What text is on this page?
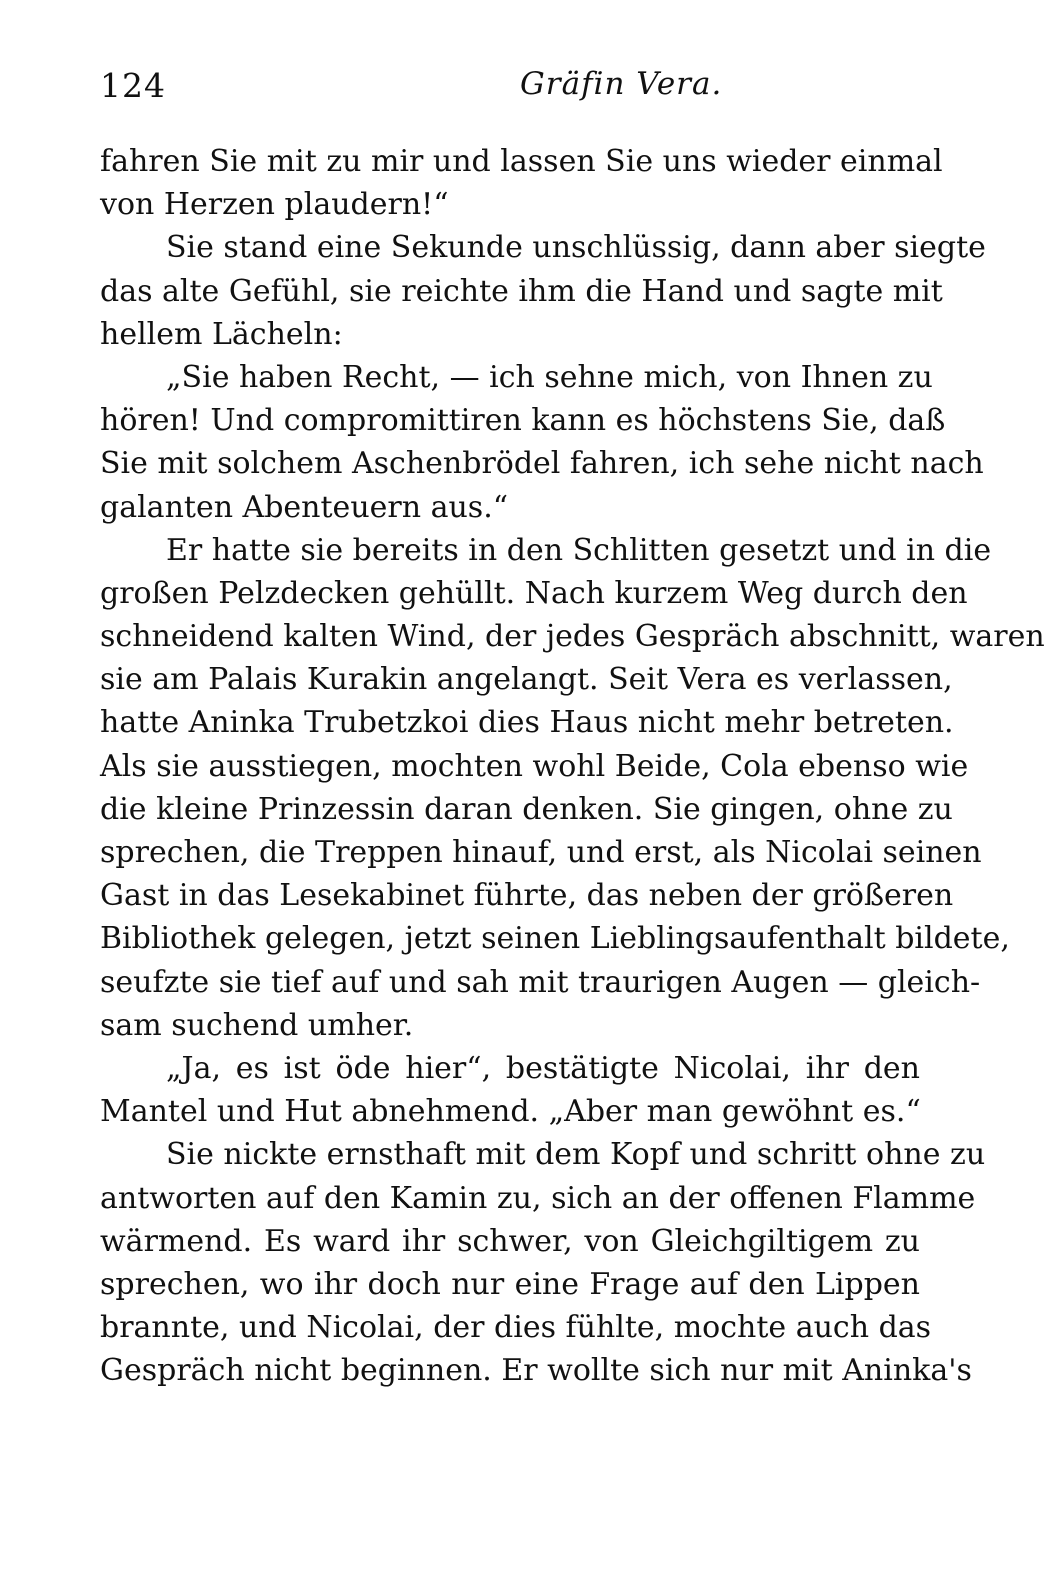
124	Gräfin Vera.
fahren Sie mit zu mir und lassen Sie uns wieder einmal
von Herzen plaudern!“
Sie stand eine Sekunde unschlüssig, dann aber siegte
das alte Gefühl, sie reichte ihm die Hand und sagte mit
hellem Lächeln:
„Sie haben Recht, — ich sehne mich, von Ihnen zu
hören! Und compromittiren kann es höchstens Sie, daß
Sie mit solchem Aschenbrödel fahren, ich sehe nicht nach
galanten Abenteuern aus.“
Er hatte sie bereits in den Schlitten gesetzt und in die
großen Pelzdecken gehüllt. Nach kurzem Weg durch den
schneidend kalten Wind, der jedes Gespräch abschnitt, waren
sie am Palais Kurakin angelangt. Seit Vera es verlassen,
hatte Aninka Trubetzkoi dies Haus nicht mehr betreten.
Als sie ausstiegen, mochten wohl Beide, Cola ebenso wie
die kleine Prinzessin daran denken. Sie gingen, ohne zu
sprechen, die Treppen hinauf, und erst, als Nicolai seinen
Gast in das Lesekabinet führte, das neben der größeren
Bibliothek gelegen, jetzt seinen Lieblingsaufenthalt bildete,
seufzte sie tief auf und sah mit traurigen Augen — gleich-
sam suchend umher.
„Ja, es ist öde hier“, bestätigte Nicolai, ihr den
Mantel und Hut abnehmend. „Aber man gewöhnt es.“
Sie nickte ernsthaft mit dem Kopf und schritt ohne zu
antworten auf den Kamin zu, sich an der offenen Flamme
wärmend. Es ward ihr schwer, von Gleichgiltigem zu
sprechen, wo ihr doch nur eine Frage auf den Lippen
brannte, und Nicolai, der dies fühlte, mochte auch das
Gespräch nicht beginnen. Er wollte sich nur mit Aninka's
